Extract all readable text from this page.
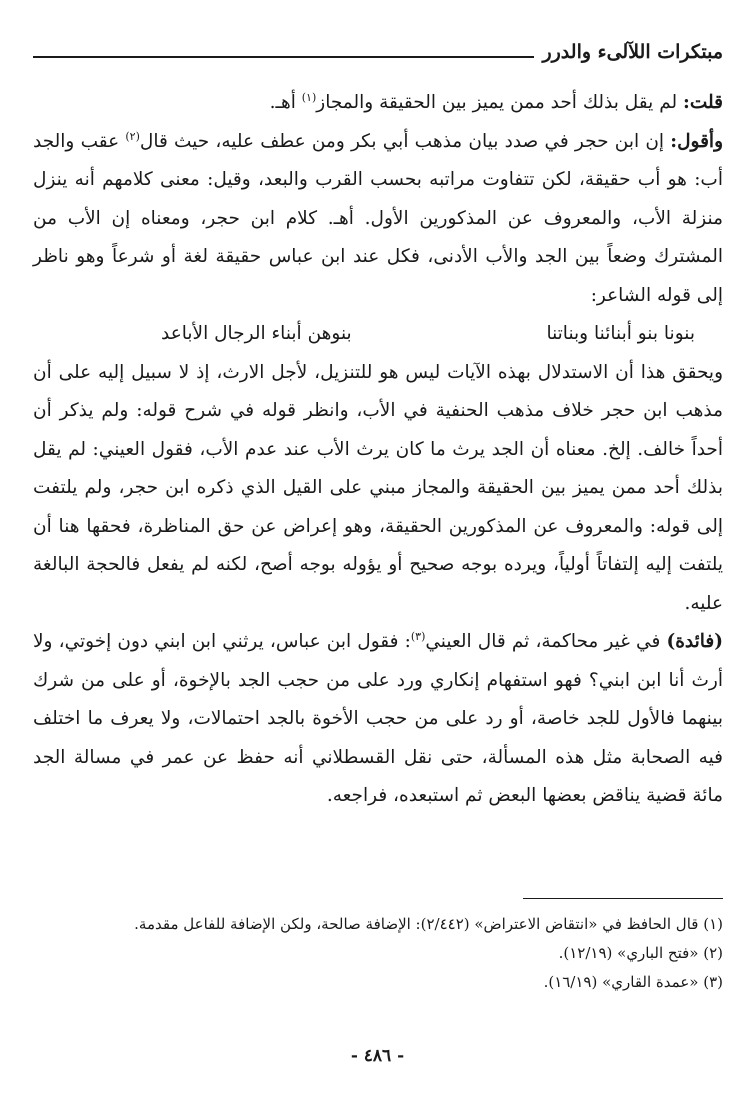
مبتكرات اللآلىء والدرر

قلت: لم يقل بذلك أحد ممن يميز بين الحقيقة والمجاز$^{(١)}$ أهـ.

وأقول: إن ابن حجر في صدد بيان مذهب أبي بكر ومن عطف عليه، حيث قال$^{(٢)}$ عقب والجد أب: هو أب حقيقة، لكن تتفاوت مراتبه بحسب القرب والبعد، وقيل: معنى كلامهم أنه ينزل منزلة الأب، والمعروف عن المذكورين الأول. أهـ. كلام ابن حجر، ومعناه إن الأب من المشترك وضعاً بين الجد والأب الأدنى، فكل عند ابن عباس حقيقة لغة أو شرعاً وهو ناظر إلى قوله الشاعر:

بنونا بنو أبنائنا وبناتنا
بنوهن أبناء الرجال الأباعد

ويحقق هذا أن الاستدلال بهذه الآيات ليس هو للتنزيل، لأجل الارث، إذ لا سبيل إليه على أن مذهب ابن حجر خلاف مذهب الحنفية في الأب، وانظر قوله في شرح قوله: ولم يذكر أن أحداً خالف. إلخ. معناه أن الجد يرث ما كان يرث الأب عند عدم الأب، فقول العيني: لم يقل بذلك أحد ممن يميز بين الحقيقة والمجاز مبني على القيل الذي ذكره ابن حجر، ولم يلتفت إلى قوله: والمعروف عن المذكورين الحقيقة، وهو إعراض عن حق المناظرة، فحقها هنا أن يلتفت إليه إلتفاتاً أولياً، ويرده بوجه صحيح أو يؤوله بوجه أصح، لكنه لم يفعل فالحجة البالغة عليه.

(فائدة) في غير محاكمة، ثم قال العيني$^{(٣)}$: فقول ابن عباس، يرثني ابن ابني دون إخوتي، ولا أرث أنا ابن ابني؟ فهو استفهام إنكاري ورد على من حجب الجد بالإخوة، أو على من شرك بينهما فالأول للجد خاصة، أو رد على من حجب الأخوة بالجد احتمالات، ولا يعرف ما اختلف فيه الصحابة مثل هذه المسألة، حتى نقل القسطلاني أنه حفظ عن عمر في مسالة الجد مائة قضية يناقض بعضها البعض ثم استبعده، فراجعه.

(١) قال الحافظ في «انتقاض الاعتراض» (٢/٤٤٢): الإضافة صالحة، ولكن الإضافة للفاعل مقدمة.

(٢) «فتح الباري» (١٢/١٩).

(٣) «عمدة القاري» (١٦/١٩).

- ٤٨٦ -
